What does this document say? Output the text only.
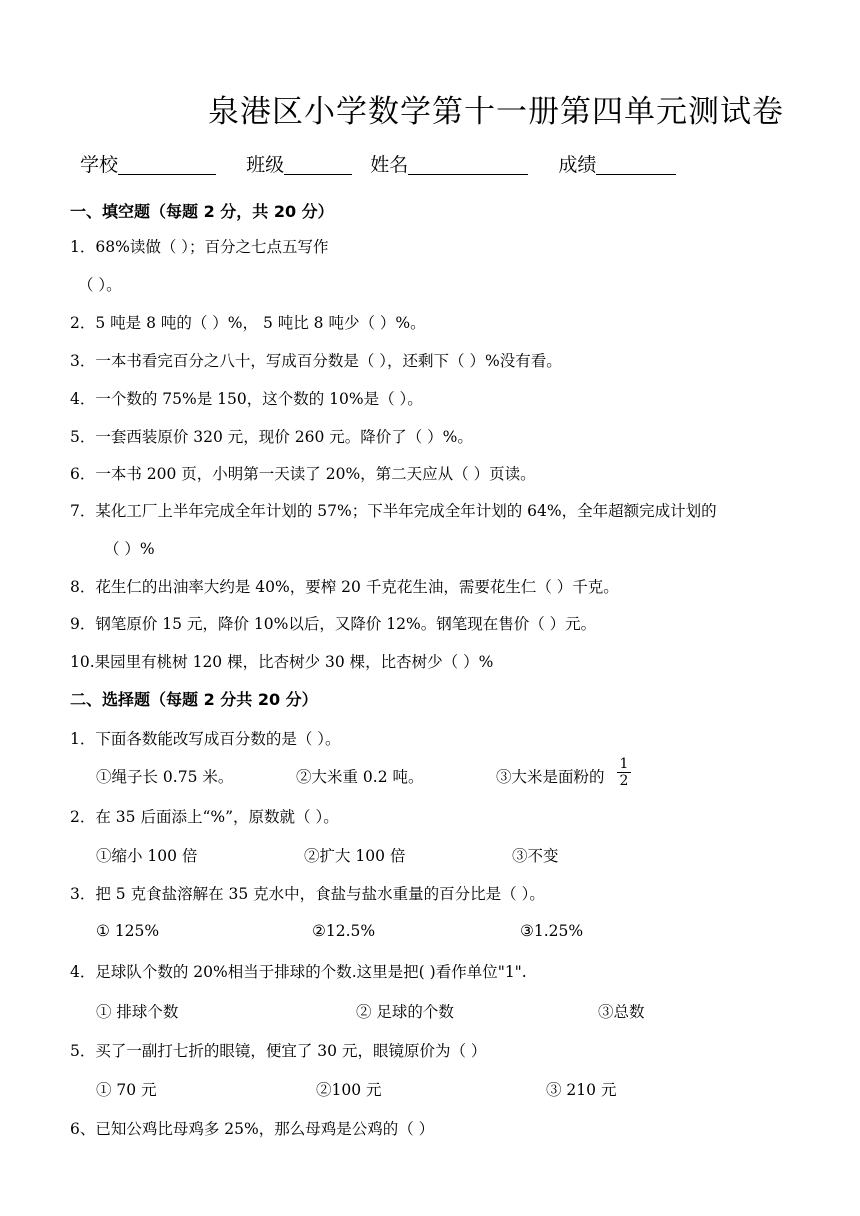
泉港区小学数学第十一册第四单元测试卷
学校	班级	姓名	成绩
一、填空题（每题 2 分，共 20 分）
1．68%读做（ ）；百分之七点五写作
（ ）。
2．5 吨是 8 吨的（ ）%， 5 吨比 8 吨少（ ）%。
3．一本书看完百分之八十，写成百分数是（ ），还剩下（ ）%没有看。
4．一个数的 75%是 150，这个数的 10%是（ ）。
5．一套西装原价 320 元，现价 260 元。降价了（ ）%。
6．一本书 200 页，小明第一天读了 20%，第二天应从（ ）页读。
7．某化工厂上半年完成全年计划的 57%；下半年完成全年计划的 64%，全年超额完成计划的
（ ）%
8．花生仁的出油率大约是 40%，要榨 20 千克花生油，需要花生仁（ ）千克。
9．钢笔原价 15 元，降价 10%以后，又降价 12%。钢笔现在售价（ ）元。
10.果园里有桃树 120 棵，比杏树少 30 棵，比杏树少（ ）%
二、选择题（每题 2 分共 20 分）
1．下面各数能改写成百分数的是（ ）。
①绳子长 0.75 米。	②大米重 0.2 吨。	③大米是面粉的
1
2
2．在 35 后面添上“%”，原数就（ ）。
①缩小 100 倍	②扩大 100 倍	③不变
3．把 5 克食盐溶解在 35 克水中，食盐与盐水重量的百分比是（ ）。
① 125%	②12.5%	③1.25%
4．足球队个数的 20%相当于排球的个数.这里是把( )看作单位"1".
① 排球个数	② 足球的个数	③总数
5．买了一副打七折的眼镜，便宜了 30 元，眼镜原价为（ ）
① 70 元	②100 元	③ 210 元
6、已知公鸡比母鸡多 25%，那么母鸡是公鸡的（ ）
